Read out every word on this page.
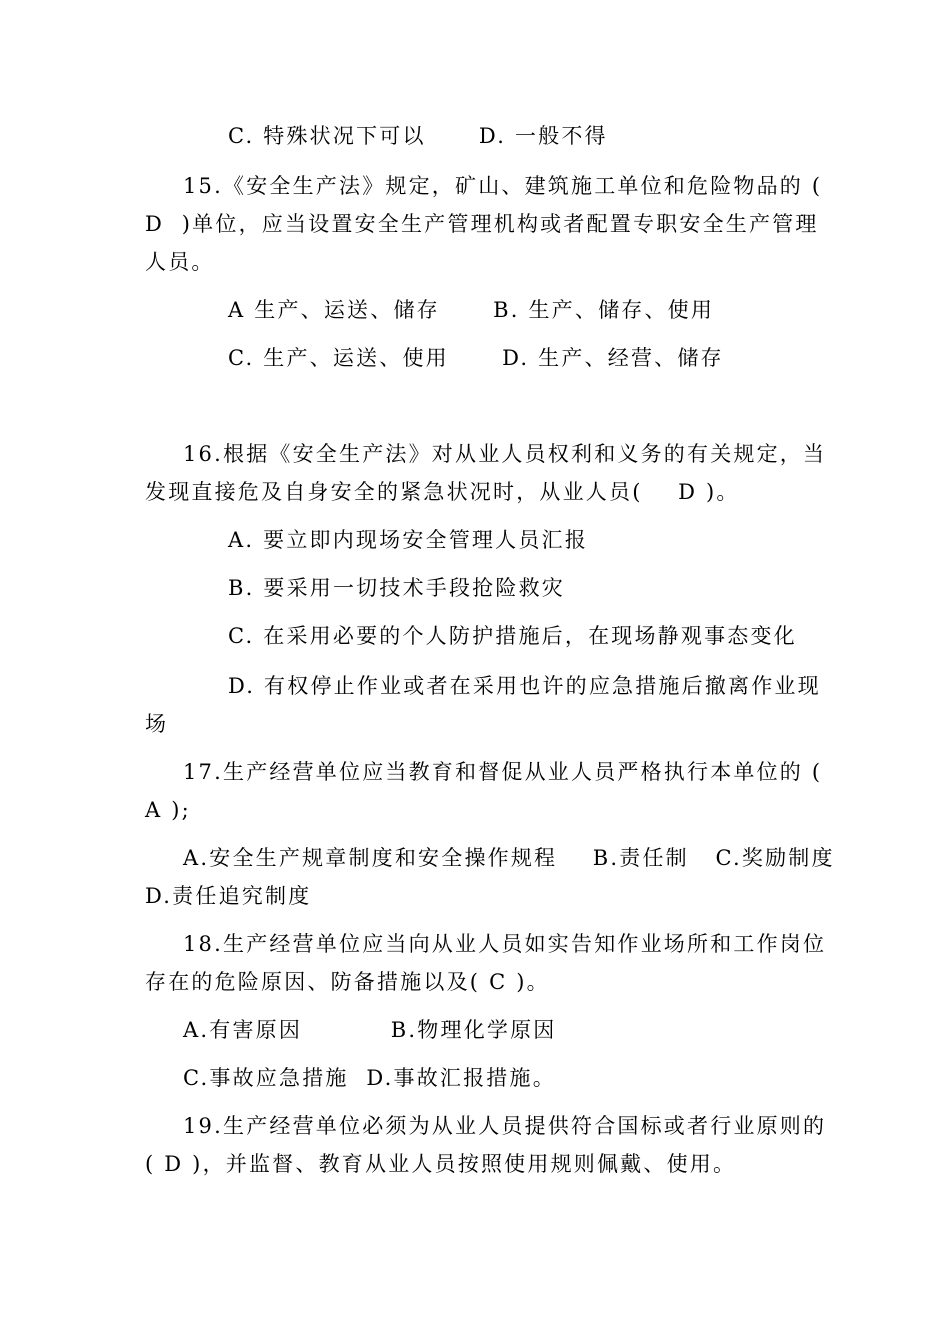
C. 特殊状况下可以      D. 一般不得

15.《安全生产法》规定，矿山、建筑施工单位和危险物品的 (

D  )单位，应当设置安全生产管理机构或者配置专职安全生产管理

人员。

A 生产、运送、储存      B. 生产、储存、使用

C. 生产、运送、使用      D. 生产、经营、储存

16.根据《安全生产法》对从业人员权利和义务的有关规定，当

发现直接危及自身安全的紧急状况时，从业人员(    D )。

A. 要立即内现场安全管理人员汇报

B. 要采用一切技术手段抢险救灾

C. 在采用必要的个人防护措施后，在现场静观事态变化

D. 有权停止作业或者在采用也许的应急措施后撤离作业现

场

17.生产经营单位应当教育和督促从业人员严格执行本单位的 (

A );

A.安全生产规章制度和安全操作规程    B.责任制   C.奖励制度

D.责任追究制度

18.生产经营单位应当向从业人员如实告知作业场所和工作岗位

存在的危险原因、防备措施以及( C )。

A.有害原因          B.物理化学原因

C.事故应急措施  D.事故汇报措施。

19.生产经营单位必须为从业人员提供符合国标或者行业原则的

( D )，并监督、教育从业人员按照使用规则佩戴、使用。
